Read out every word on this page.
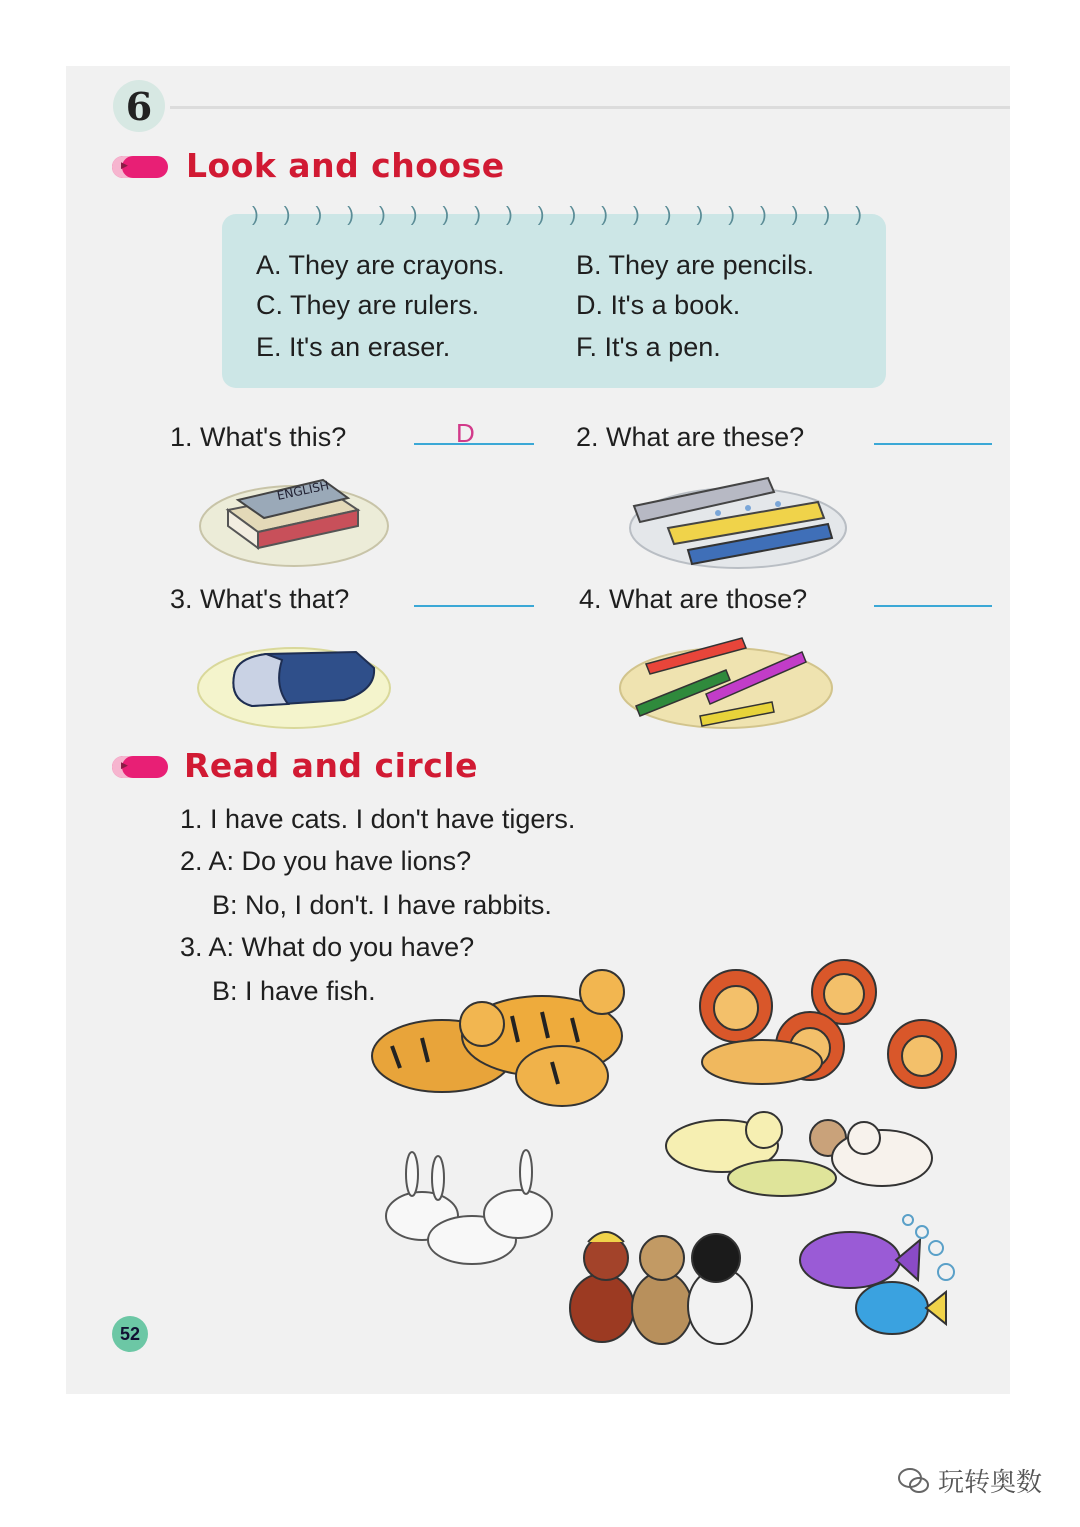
6
▶ Look and choose
) ) ) ) ) ) ) ) ) ) ) ) ) ) ) ) ) ) ) )
A. They are crayons.	B. They are pencils.
C. They are rulers.	D. It's a book.
E. It's an eraser.	F. It's a pen.
1. What's this?	D	2. What are these?
3. What's that?	4. What are those?
ENGLISH
▶ Read and circle
1. I have cats. I don't have tigers.
2. A: Do you have lions?
B: No, I don't. I have rabbits.
3. A: What do you have?
B: I have fish.
52
玩转奥数
